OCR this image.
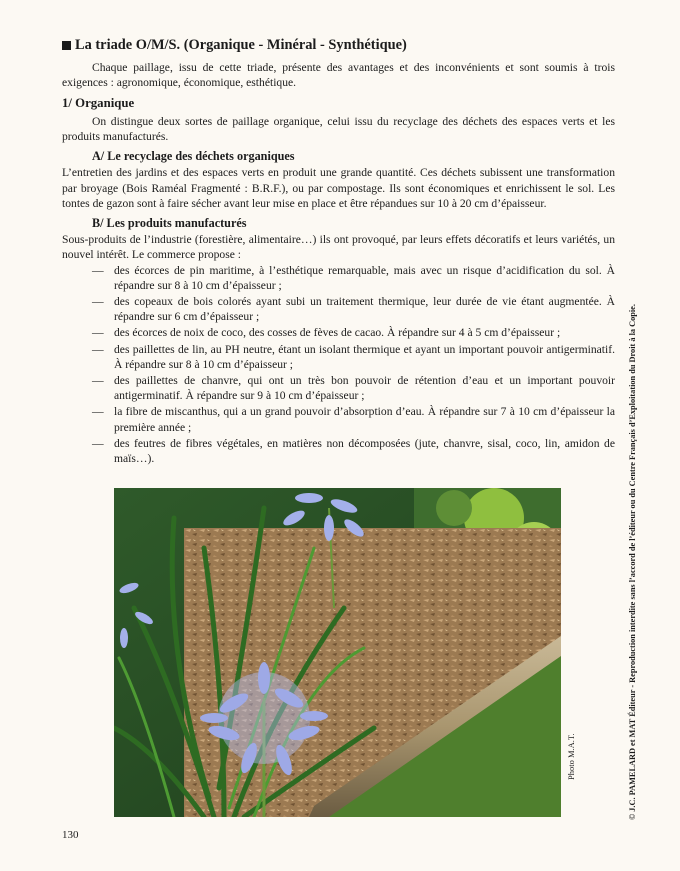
La triade O/M/S. (Organique - Minéral - Synthétique)

Chaque paillage, issu de cette triade, présente des avantages et des inconvénients et sont soumis à trois exigences : agronomique, économique, esthétique.

1/ Organique

On distingue deux sortes de paillage organique, celui issu du recyclage des déchets des espaces verts et les produits manufacturés.

A/ Le recyclage des déchets organiques

L’entretien des jardins et des espaces verts en produit une grande quantité. Ces déchets subissent une transformation par broyage (Bois Raméal Fragmenté : B.R.F.), ou par compostage. Ils sont économiques et enrichissent le sol. Les tontes de gazon sont à faire sécher avant leur mise en place et être répandues sur 10 à 20 cm d’épaisseur.

B/ Les produits manufacturés

Sous-produits de l’industrie (forestière, alimentaire…) ils ont provoqué, par leurs effets décoratifs et leurs variétés, un nouvel intérêt. Le commerce propose :

— des écorces de pin maritime, à l’esthétique remarquable, mais avec un risque d’acidification du sol. À répandre sur 8 à 10 cm d’épaisseur ;
— des copeaux de bois colorés ayant subi un traitement thermique, leur durée de vie étant augmentée. À répandre sur 6 cm d’épaisseur ;
— des écorces de noix de coco, des cosses de fèves de cacao. À répandre sur 4 à 5 cm d’épaisseur ;
— des paillettes de lin, au PH neutre, étant un isolant thermique et ayant un important pouvoir antigerminatif. À répandre sur 8 à 10 cm d’épaisseur ;
— des paillettes de chanvre, qui ont un très bon pouvoir de rétention d’eau et un important pouvoir antigerminatif. À répandre sur 9 à 10 cm d’épaisseur ;
— la fibre de miscanthus, qui a un grand pouvoir d’absorption d’eau. À répandre sur 7 à 10 cm d’épaisseur la première année ;
— des feutres de fibres végétales, en matières non décomposées (jute, chanvre, sisal, coco, lin, amidon de maïs…).
Photo M.A.T.	© J.C. PAMELARD et MAT Éditeur - Reproduction interdite sans l’accord de l’éditeur ou du Centre Français d’Exploitation du Droit à la Copie.
130
